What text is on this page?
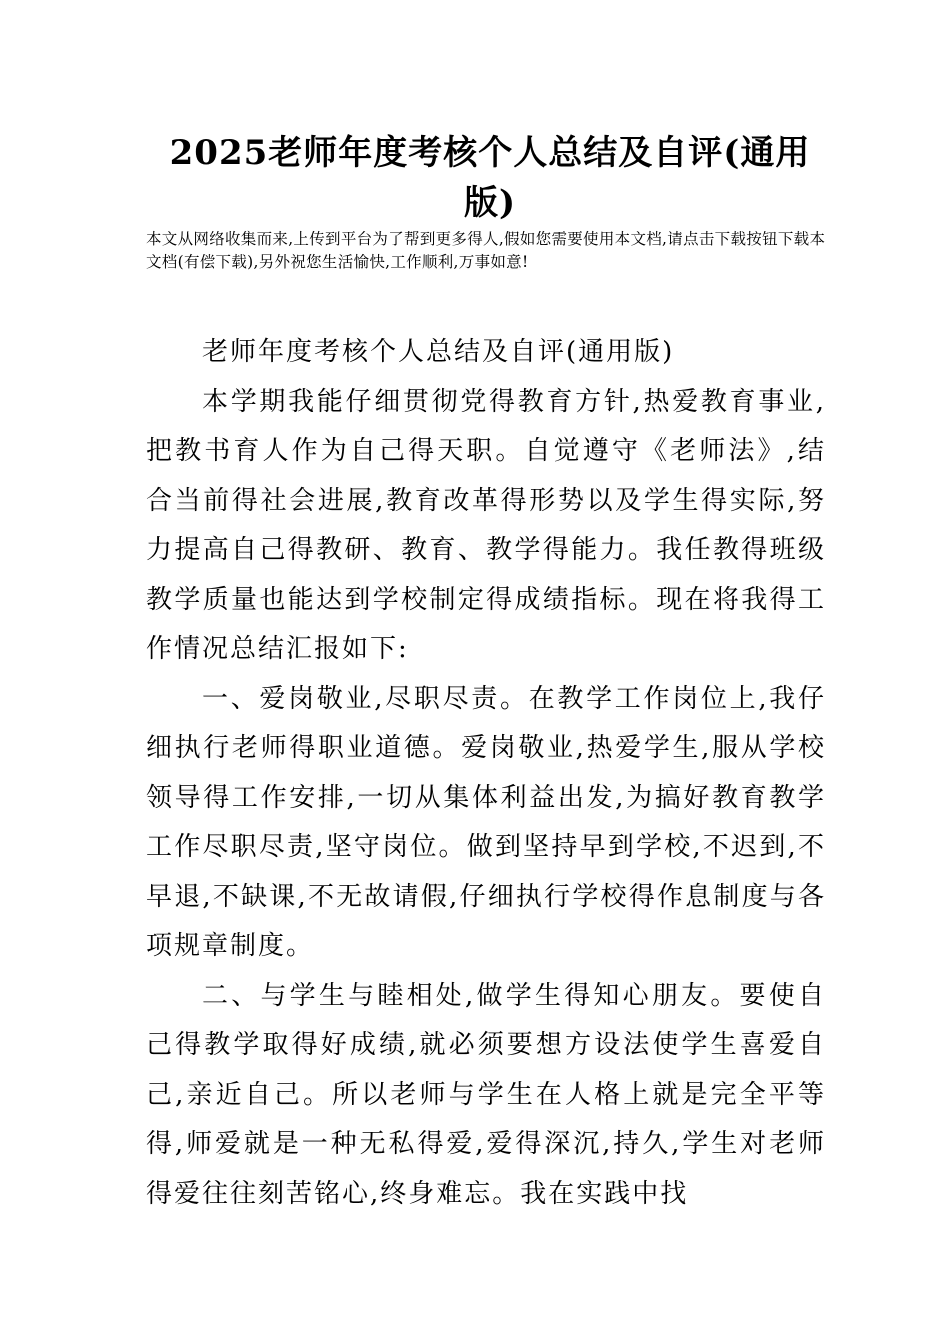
2025老师年度考核个人总结及自评(通用版)
本文从网络收集而来,上传到平台为了帮到更多得人,假如您需要使用本文档,请点击下载按钮下载本文档(有偿下载),另外祝您生活愉快,工作顺利,万事如意!

老师年度考核个人总结及自评(通用版)

本学期我能仔细贯彻党得教育方针,热爱教育事业,把教书育人作为自己得天职。自觉遵守《老师法》,结合当前得社会进展,教育改革得形势以及学生得实际,努力提高自己得教研、教育、教学得能力。我任教得班级教学质量也能达到学校制定得成绩指标。现在将我得工作情况总结汇报如下:

一、爱岗敬业,尽职尽责。在教学工作岗位上,我仔细执行老师得职业道德。爱岗敬业,热爱学生,服从学校领导得工作安排,一切从集体利益出发,为搞好教育教学工作尽职尽责,坚守岗位。做到坚持早到学校,不迟到,不早退,不缺课,不无故请假,仔细执行学校得作息制度与各项规章制度。

二、与学生与睦相处,做学生得知心朋友。要使自己得教学取得好成绩,就必须要想方设法使学生喜爱自己,亲近自己。所以老师与学生在人格上就是完全平等得,师爱就是一种无私得爱,爱得深沉,持久,学生对老师得爱往往刻苦铭心,终身难忘。我在实践中找
